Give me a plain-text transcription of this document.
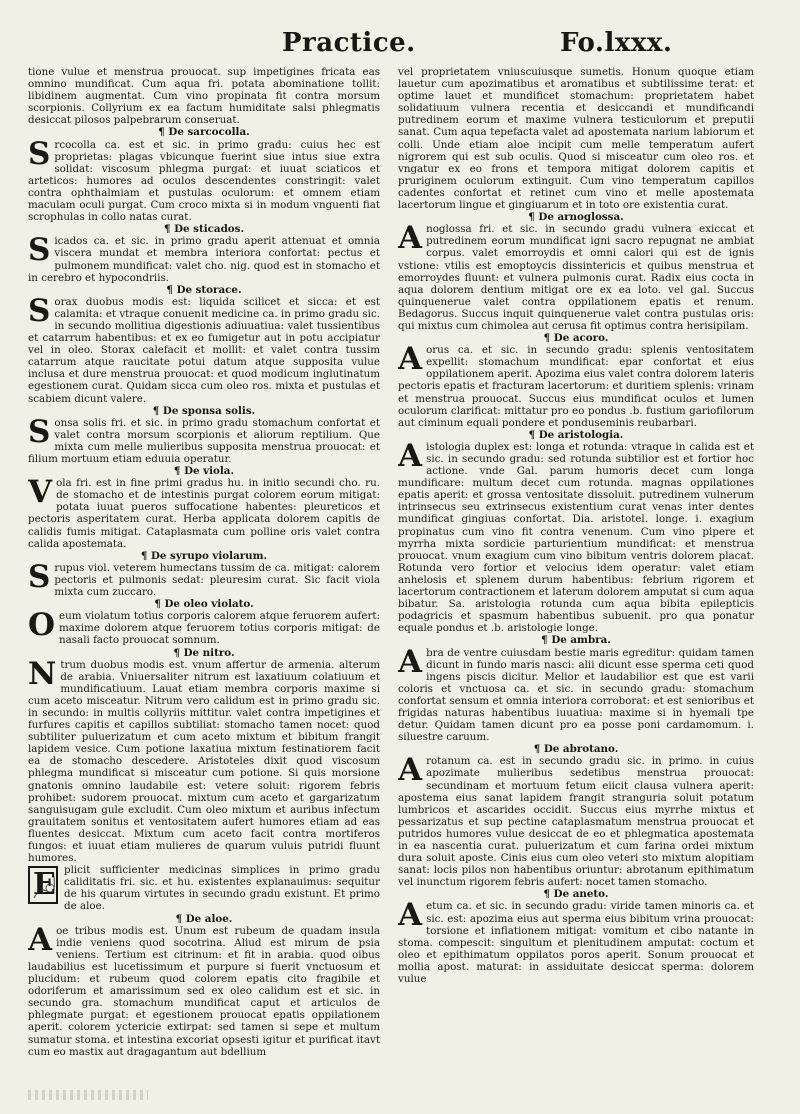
Practice.	Fo.lxxx.

tione vulue et menstrua prouocat. sup impetigines fricata eas omnino mundificat. Cum aqua fri. potata abominatione tollit: libidinem augmentat. Cum vino propinata fit contra morsum scorpionis. Collyrium ex ea factum humiditate salsi phlegmatis desiccat pilosos palpebrarum conseruat.

¶ De sarcocolla.

Srcocolla ca. est et sic. in primo gradu: cuius hec est proprietas: plagas vbicunque fuerint siue intus siue extra solidat: viscosum phlegma purgat: et iuuat sciaticos et arteticos: humores ad oculos descendentes constringit: valet contra ophthalmiam et pustulas oculorum: et omnem etiam maculam oculi purgat. Cum croco mixta si in modum vnguenti fiat scrophulas in collo natas curat.

¶ De sticados.

Sicados ca. et sic. in primo gradu aperit attenuat et omnia viscera mundat et membra interiora confortat: pectus et pulmonem mundificat: valet cho. nig. quod est in stomacho et in cerebro et hypocondriis.

¶ De storace.

Sorax duobus modis est: liquida scilicet et sicca: et est calamita: et vtraque conuenit medicine ca. in primo gradu sic. in secundo mollitiua digestionis adiuuatiua: valet tussientibus et catarrum habentibus: et ex eo fumigetur aut in potu accipiatur vel in oleo. Storax calefacit et mollit: et valet contra tussim catarrum atque raucitate potui datum atque supposita vulue inclusa et dure menstrua prouocat: et quod modicum inglutinatum egestionem curat. Quidam sicca cum oleo ros. mixta et pustulas et scabiem dicunt valere.

¶ De sponsa solis.

Sonsa solis fri. et sic. in primo gradu stomachum confortat et valet contra morsum scorpionis et aliorum reptilium. Que mixta cum melle mulieribus supposita menstrua prouocat: et filium mortuum etiam eduuia operatur.

¶ De viola.

Vola fri. est in fine primi gradus hu. in initio secundi cho. ru. de stomacho et de intestinis purgat colorem eorum mitigat: potata iuuat pueros suffocatione habentes: pleureticos et pectoris asperitatem curat. Herba applicata dolorem capitis de calidis fumis mitigat. Cataplasmata cum polline oris valet contra calida apostemata.

¶ De syrupo violarum.

Srupus viol. veterem humectans tussim de ca. mitigat: calorem pectoris et pulmonis sedat: pleuresim curat. Sic facit viola mixta cum zuccaro.

¶ De oleo violato.

Oeum violatum totius corporis calorem atque feruorem aufert: maxime dolorem atque feruorem totius corporis mitigat: de nasali facto prouocat somnum.

¶ De nitro.

Ntrum duobus modis est. vnum affertur de armenia. alterum de arabia. Vniuersaliter nitrum est laxatiuum colatiuum et mundificatiuum. Lauat etiam membra corporis maxime si cum aceto misceatur. Nitrum vero calidum est in primo gradu sic. in secundo: in multis collyriis mittitur. valet contra impetigines et furfures capitis et capillos subtiliat: stomacho tamen nocet: quod subtiliter puluerizatum et cum aceto mixtum et bibitum frangit lapidem vesice. Cum potione laxatiua mixtum festinatiorem facit ea de stomacho descedere. Aristoteles dixit quod viscosum phlegma mundificat si misceatur cum potione. Si quis morsione gnatonis omnino laudabile est: vetere soluit: rigorem febris prohibet: sudorem prouocat. mixtum cum aceto et gargarizatum sanguisugam gule excludit. Cum oleo mixtum et auribus infectum grauitatem sonitus et ventositatem aufert humores etiam ad eas fluentes desiccat. Mixtum cum aceto facit contra mortiferos fungos: et iuuat etiam mulieres de quarum vuluis putridi fluunt humores.

E plicit sufficienter medicinas simplices in primo gradu caliditatis fri. sic. et hu. existentes explanauimus: sequitur de his quarum virtutes in secundo gradu existunt. Et primo de aloe.

¶ De aloe.

Aoe tribus modis est. Unum est rubeum de quadam insula indie veniens quod socotrina. Aliud est mirum de psia veniens. Tertium est citrinum: et fit in arabia. quod oibus laudabilius est lucetissimum et purpure si fuerit vnctuosum et plucidum: et rubeum quod colorem epatis cito fragibile et odoriferum et amarissimum sed ex oleo calidum est et sic. in secundo gra. stomachum mundificat caput et articulos de phlegmate purgat: et egestionem prouocat epatis oppilationem aperit. colorem yctericie extirpat: sed tamen si sepe et multum sumatur stoma. et intestina excoriat opsesti igitur et purificat itavt cum eo mastix aut dragagantum aut bdellium

vel proprietatem vniuscuiusque sumetis. Honum quoque etiam lauetur cum apozimatibus et aromatibus et subtilissime terat: et optime lauet et mundificet stomachum: proprietatem habet solidatiuum vulnera recentia et desiccandi et mundificandi putredinem eorum et maxime vulnera testiculorum et preputii sanat. Cum aqua tepefacta valet ad apostemata narium labiorum et colli. Unde etiam aloe incipit cum melle temperatum aufert nigrorem qui est sub oculis. Quod si misceatur cum oleo ros. et vngatur ex eo frons et tempora mitigat dolorem capitis et pruriginem oculorum extinguit. Cum vino temperatum capillos cadentes confortat et retinet cum vino et melle apostemata lacertorum lingue et gingiuarum et in toto ore existentia curat.

¶ De arnoglossa.

Anoglossa fri. et sic. in secundo gradu vulnera exiccat et putredinem eorum mundificat igni sacro repugnat ne ambiat corpus. valet emorroydis et omni calori qui est de ignis vstione: vtilis est emoptoycis dissintericis et quibus menstrua et emorroydes fluunt: et vulnera pulmonis curat. Radix eius cocta in aqua dolorem dentium mitigat ore ex ea loto. vel gal. Succus quinquenerue valet contra oppilationem epatis et renum. Bedagorus. Succus inquit quinquenerue valet contra pustulas oris: qui mixtus cum chimolea aut cerusa fit optimus contra herisipilam.

¶ De acoro.

Aorus ca. et sic. in secundo gradu: splenis ventositatem expellit: stomachum mundificat: epar confortat et eius oppilationem aperit. Apozima eius valet contra dolorem lateris pectoris epatis et fracturam lacertorum: et duritiem splenis: vrinam et menstrua prouocat. Succus eius mundificat oculos et lumen oculorum clarificat: mittatur pro eo pondus .b. fustium gariofilorum aut ciminum equali pondere et ponduseminis reubarbari.

¶ De aristologia.

Aistologia duplex est: longa et rotunda: vtraque in calida est et sic. in secundo gradu: sed rotunda subtilior est et fortior hoc actione. vnde Gal. parum humoris decet cum longa mundificare: multum decet cum rotunda. magnas oppilationes epatis aperit: et grossa ventositate dissoluit. putredinem vulnerum intrinsecus seu extrinsecus existentium curat venas inter dentes mundificat gingiuas confortat. Dia. aristotel. longe. i. exagium propinatus cum vino fit contra venenum. Cum vino pipere et myrrha mixta sordicie parturientium mundificat: et menstrua prouocat. vnum exagium cum vino bibitum ventris dolorem placat. Rotunda vero fortior et velocius idem operatur: valet etiam anhelosis et splenem durum habentibus: febrium rigorem et lacertorum contractionem et laterum dolorem amputat si cum aqua bibatur. Sa. aristologia rotunda cum aqua bibita epilepticis podagricis et spasmum habentibus subuenit. pro qua ponatur equale pondus et .b. aristologie longe.

¶ De ambra.

Abra de ventre cuiusdam bestie maris egreditur: quidam tamen dicunt in fundo maris nasci: alii dicunt esse sperma ceti quod ingens piscis dicitur. Melior et laudabilior est que est varii coloris et vnctuosa ca. et sic. in secundo gradu: stomachum confortat sensum et omnia interiora corroborat: et est senioribus et frigidas naturas habentibus iuuatiua: maxime si in hyemali tpe detur. Quidam tamen dicunt pro ea posse poni cardamomum. i. siluestre caruum.

¶ De abrotano.

Arotanum ca. est in secundo gradu sic. in primo. in cuius apozimate mulieribus sedetibus menstrua prouocat: secundinam et mortuum fetum eiicit clausa vulnera aperit: apostema eius sanat lapidem frangit stranguria soluit potatum lumbricos et ascarides occidit. Succus eius myrrhe mixtus et pessarizatus et sup pectine cataplasmatum menstrua prouocat et putridos humores vulue desiccat de eo et phlegmatica apostemata in ea nascentia curat. puluerizatum et cum farina ordei mixtum dura soluit aposte. Cinis eius cum oleo veteri sto mixtum alopitiam sanat: locis pilos non habentibus oriuntur: abrotanum epithimatum vel inunctum rigorem febris aufert: nocet tamen stomacho.

¶ De aneto.

Aetum ca. et sic. in secundo gradu: viride tamen minoris ca. et sic. est: apozima eius aut sperma eius bibitum vrina prouocat: torsione et inflationem mitigat: vomitum et cibo natante in stoma. compescit: singultum et plenitudinem amputat: coctum et oleo et epithimatum oppilatos poros aperit. Sonum prouocat et mollia apost. maturat: in assiduitate desiccat sperma: dolorem vulue
